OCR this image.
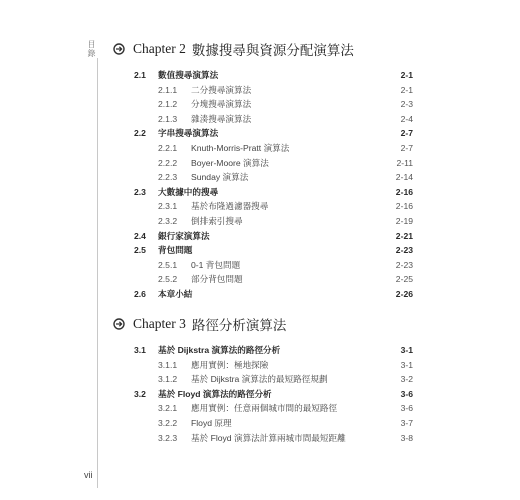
目錄
vii
Chapter 2 數據搜尋與資源分配演算法
2.1 數值搜尋演算法	2-1
2.1.1 二分搜尋演算法	2-1
2.1.2 分塊搜尋演算法	2-3
2.1.3 雜湊搜尋演算法	2-4
2.2 字串搜尋演算法	2-7
2.2.1 Knuth-Morris-Pratt 演算法	2-7
2.2.2 Boyer-Moore 演算法	2-11
2.2.3 Sunday 演算法	2-14
2.3 大數據中的搜尋	2-16
2.3.1 基於布隆過濾器搜尋	2-16
2.3.2 倒排索引搜尋	2-19
2.4 銀行家演算法	2-21
2.5 背包問題	2-23
2.5.1 0-1 背包問題	2-23
2.5.2 部分背包問題	2-25
2.6 本章小結	2-26
Chapter 3 路徑分析演算法
3.1 基於 Dijkstra 演算法的路徑分析	3-1
3.1.1 應用實例：極地探險	3-1
3.1.2 基於 Dijkstra 演算法的最短路徑規劃	3-2
3.2 基於 Floyd 演算法的路徑分析	3-6
3.2.1 應用實例：任意兩個城市間的最短路徑	3-6
3.2.2 Floyd 原理	3-7
3.2.3 基於 Floyd 演算法計算兩城市間最短距離	3-8
